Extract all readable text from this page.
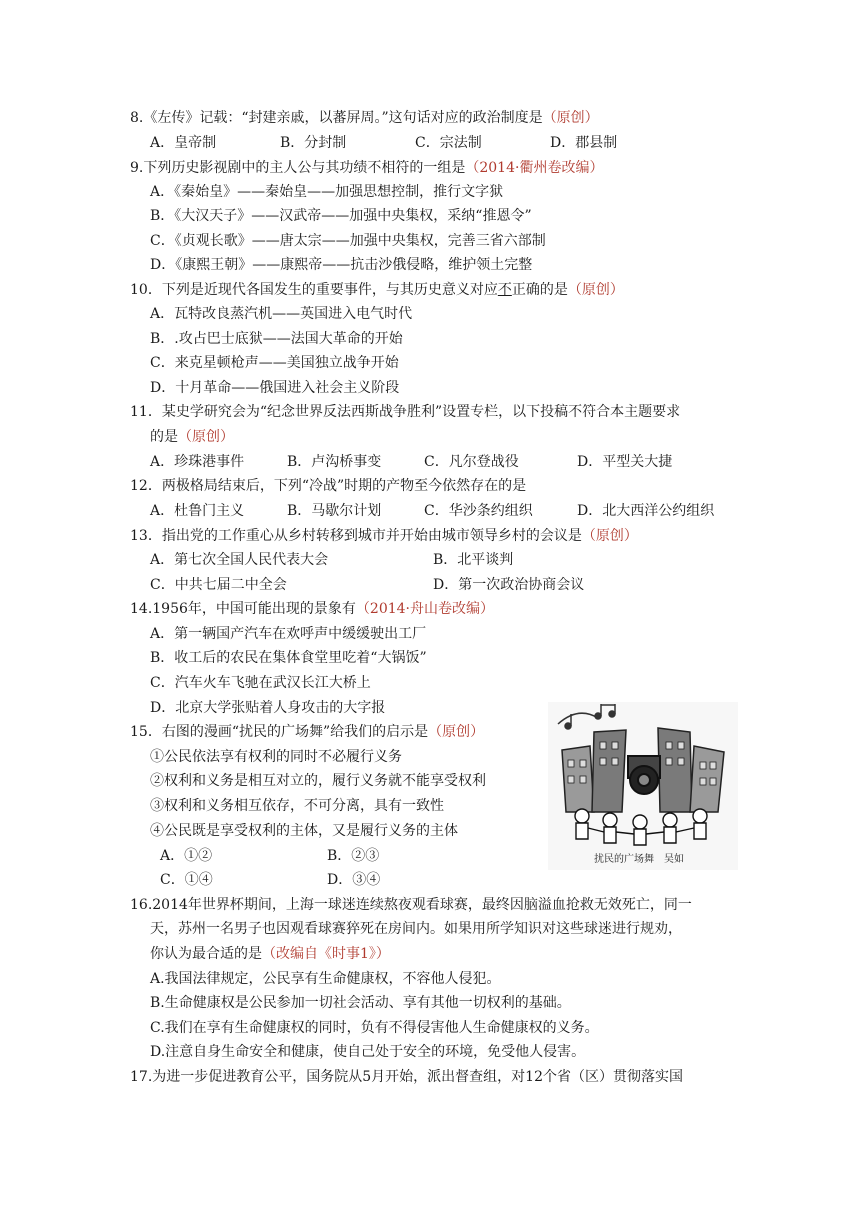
8.《左传》记载：“封建亲戚，以蕃屏周。”这句话对应的政治制度是（原创）
A．皇帝制	B．分封制	C．宗法制	D．郡县制
9.下列历史影视剧中的主人公与其功绩不相符的一组是（2014·衢州卷改编）
A．《秦始皇》——秦始皇——加强思想控制，推行文字狱
B．《大汉天子》——汉武帝——加强中央集权，采纳“推恩令”
C．《贞观长歌》——唐太宗——加强中央集权，完善三省六部制
D．《康熙王朝》——康熙帝——抗击沙俄侵略，维护领土完整
10．下列是近现代各国发生的重要事件，与其历史意义对应不正确的是（原创）
A．瓦特改良蒸汽机——英国进入电气时代
B．.攻占巴士底狱——法国大革命的开始
C．来克星顿枪声——美国独立战争开始
D．十月革命——俄国进入社会主义阶段
11．某史学研究会为“纪念世界反法西斯战争胜利”设置专栏，以下投稿不符合本主题要求
的是（原创）
A．珍珠港事件	B．卢沟桥事变	C．凡尔登战役	D．平型关大捷
12．两极格局结束后，下列“冷战”时期的产物至今依然存在的是
A．杜鲁门主义	B．马歇尔计划	C．华沙条约组织	D．北大西洋公约组织
13．指出党的工作重心从乡村转移到城市并开始由城市领导乡村的会议是（原创）
A．第七次全国人民代表大会	B．北平谈判
C．中共七届二中全会	D．第一次政治协商会议
14.1956年，中国可能出现的景象有（2014·舟山卷改编）
A．第一辆国产汽车在欢呼声中缓缓驶出工厂
B．收工后的农民在集体食堂里吃着“大锅饭”
C．汽车火车飞驰在武汉长江大桥上
D．北京大学张贴着人身攻击的大字报
15．右图的漫画“扰民的广场舞”给我们的启示是（原创）
①公民依法享有权利的同时不必履行义务
②权利和义务是相互对立的，履行义务就不能享受权利
③权利和义务相互依存，不可分离，具有一致性
④公民既是享受权利的主体，又是履行义务的主体
A．①②	B．②③
C．①④	D．③④
扰民的广场舞　吴如
16.2014年世界杯期间，上海一球迷连续熬夜观看球赛，最终因脑溢血抢救无效死亡，同一
天，苏州一名男子也因观看球赛猝死在房间内。如果用所学知识对这些球迷进行规劝，
你认为最合适的是（改编自《时事1》）
A.我国法律规定，公民享有生命健康权，不容他人侵犯。
B.生命健康权是公民参加一切社会活动、享有其他一切权利的基础。
C.我们在享有生命健康权的同时，负有不得侵害他人生命健康权的义务。
D.注意自身生命安全和健康，使自己处于安全的环境，免受他人侵害。
17.为进一步促进教育公平，国务院从5月开始，派出督查组，对12个省（区）贯彻落实国
